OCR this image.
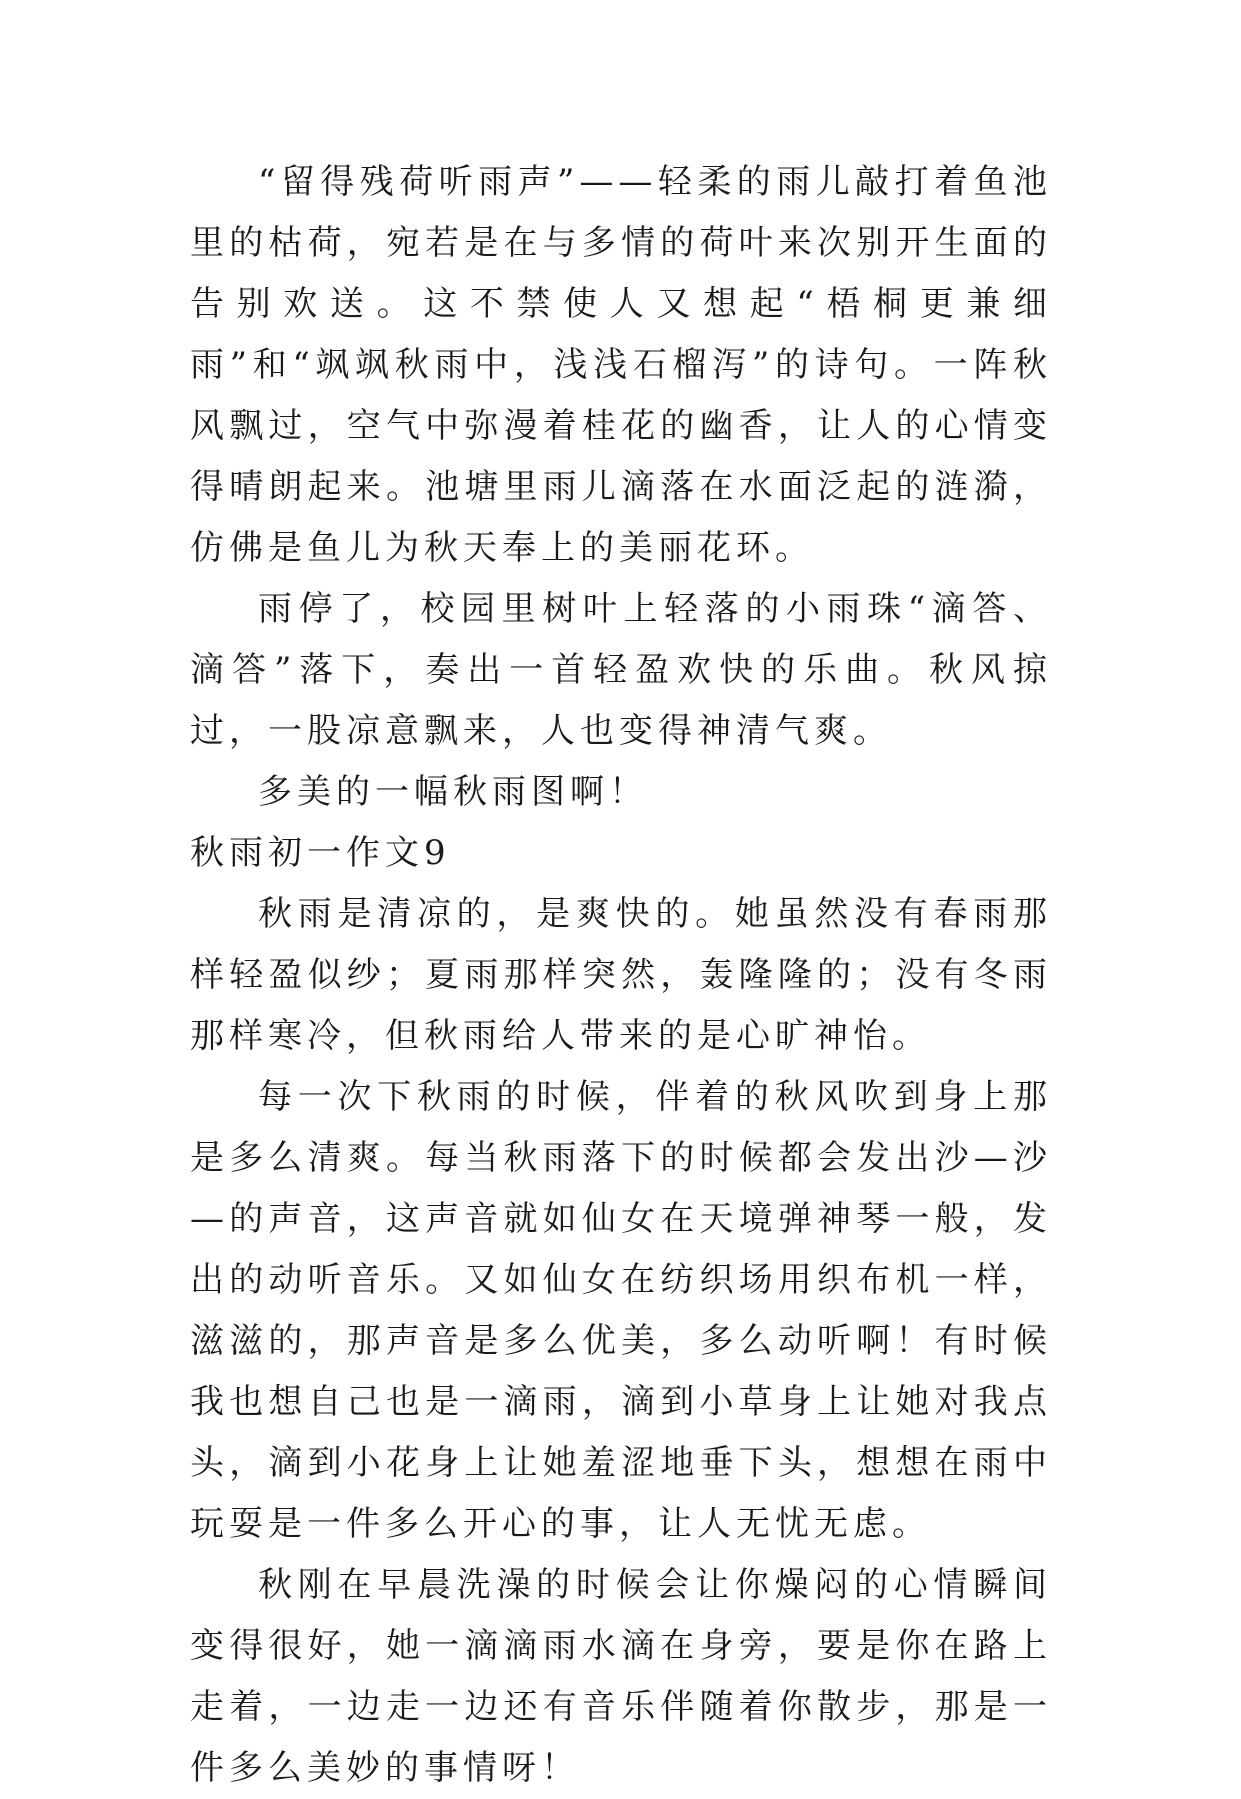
“留得残荷听雨声”——轻柔的雨儿敲打着鱼池里的枯荷，宛若是在与多情的荷叶来次别开生面的告别欢送。这不禁使人又想起“梧桐更兼细雨”和“飒飒秋雨中，浅浅石榴泻”的诗句。一阵秋风飘过，空气中弥漫着桂花的幽香，让人的心情变得晴朗起来。池塘里雨儿滴落在水面泛起的涟漪，仿佛是鱼儿为秋天奉上的美丽花环。

雨停了，校园里树叶上轻落的小雨珠“滴答、滴答”落下，奏出一首轻盈欢快的乐曲。秋风掠过，一股凉意飘来，人也变得神清气爽。

多美的一幅秋雨图啊！

秋雨初一作文9

秋雨是清凉的，是爽快的。她虽然没有春雨那样轻盈似纱；夏雨那样突然，轰隆隆的；没有冬雨那样寒冷，但秋雨给人带来的是心旷神怡。

每一次下秋雨的时候，伴着的秋风吹到身上那是多么清爽。每当秋雨落下的时候都会发出沙—沙—的声音，这声音就如仙女在天境弹神琴一般，发出的动听音乐。又如仙女在纺织场用织布机一样，滋滋的，那声音是多么优美，多么动听啊！有时候我也想自己也是一滴雨，滴到小草身上让她对我点头，滴到小花身上让她羞涩地垂下头，想想在雨中玩耍是一件多么开心的事，让人无忧无虑。

秋刚在早晨洗澡的时候会让你燥闷的心情瞬间变得很好，她一滴滴雨水滴在身旁，要是你在路上走着，一边走一边还有音乐伴随着你散步，那是一件多么美妙的事情呀！
